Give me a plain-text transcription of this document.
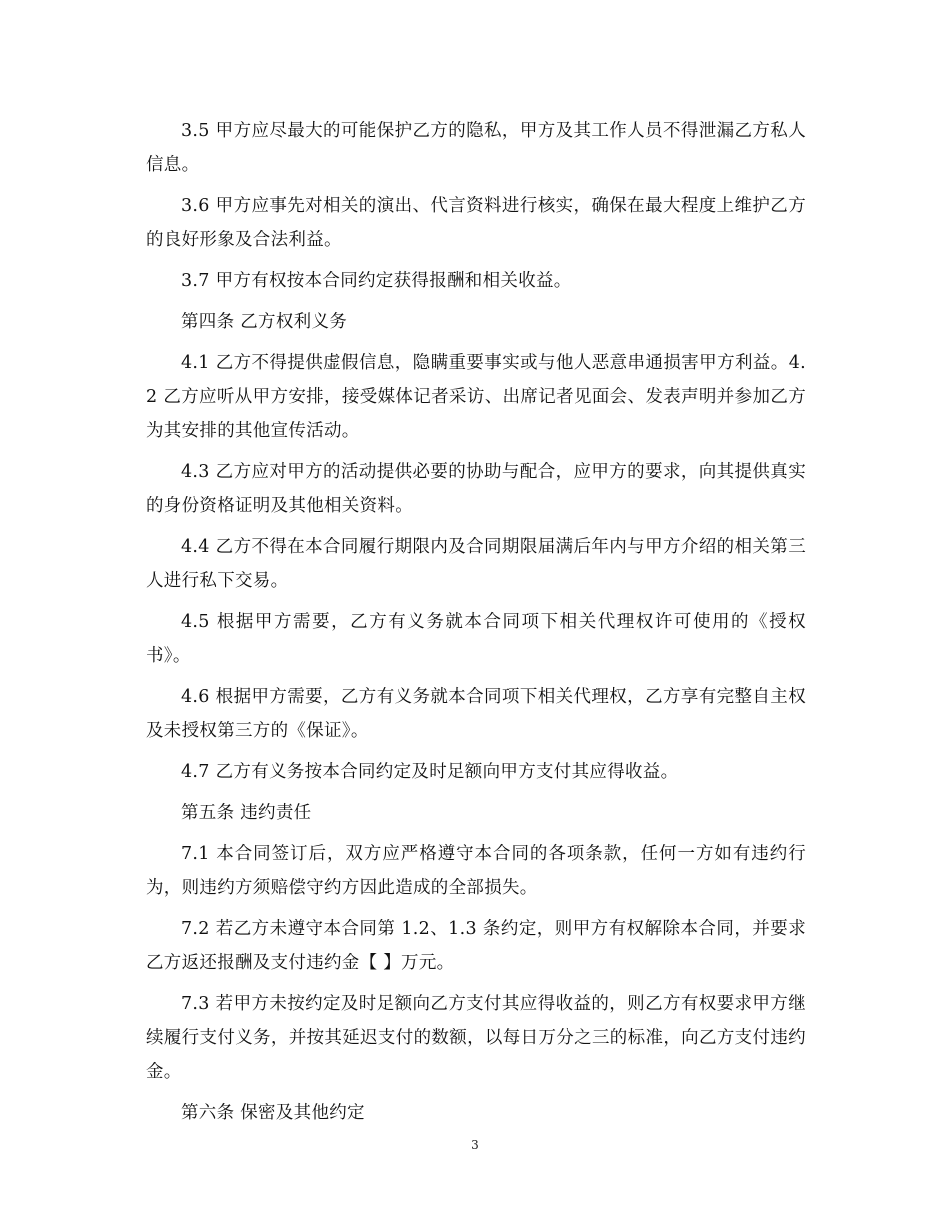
3.5 甲方应尽最大的可能保护乙方的隐私，甲方及其工作人员不得泄漏乙方私人信息。

3.6 甲方应事先对相关的演出、代言资料进行核实，确保在最大程度上维护乙方的良好形象及合法利益。

3.7 甲方有权按本合同约定获得报酬和相关收益。

第四条 乙方权利义务

4.1 乙方不得提供虚假信息，隐瞒重要事实或与他人恶意串通损害甲方利益。4.2 乙方应听从甲方安排，接受媒体记者采访、出席记者见面会、发表声明并参加乙方为其安排的其他宣传活动。

4.3 乙方应对甲方的活动提供必要的协助与配合，应甲方的要求，向其提供真实的身份资格证明及其他相关资料。

4.4 乙方不得在本合同履行期限内及合同期限届满后年内与甲方介绍的相关第三人进行私下交易。

4.5 根据甲方需要，乙方有义务就本合同项下相关代理权许可使用的《授权书》。

4.6 根据甲方需要，乙方有义务就本合同项下相关代理权，乙方享有完整自主权及未授权第三方的《保证》。

4.7 乙方有义务按本合同约定及时足额向甲方支付其应得收益。

第五条 违约责任

7.1 本合同签订后，双方应严格遵守本合同的各项条款，任何一方如有违约行为，则违约方须赔偿守约方因此造成的全部损失。

7.2 若乙方未遵守本合同第 1.2、1.3 条约定，则甲方有权解除本合同，并要求 乙方返还报酬及支付违约金【 】万元。

7.3 若甲方未按约定及时足额向乙方支付其应得收益的，则乙方有权要求甲方继续履行支付义务，并按其延迟支付的数额，以每日万分之三的标准，向乙方支付违约金。

第六条 保密及其他约定

3
